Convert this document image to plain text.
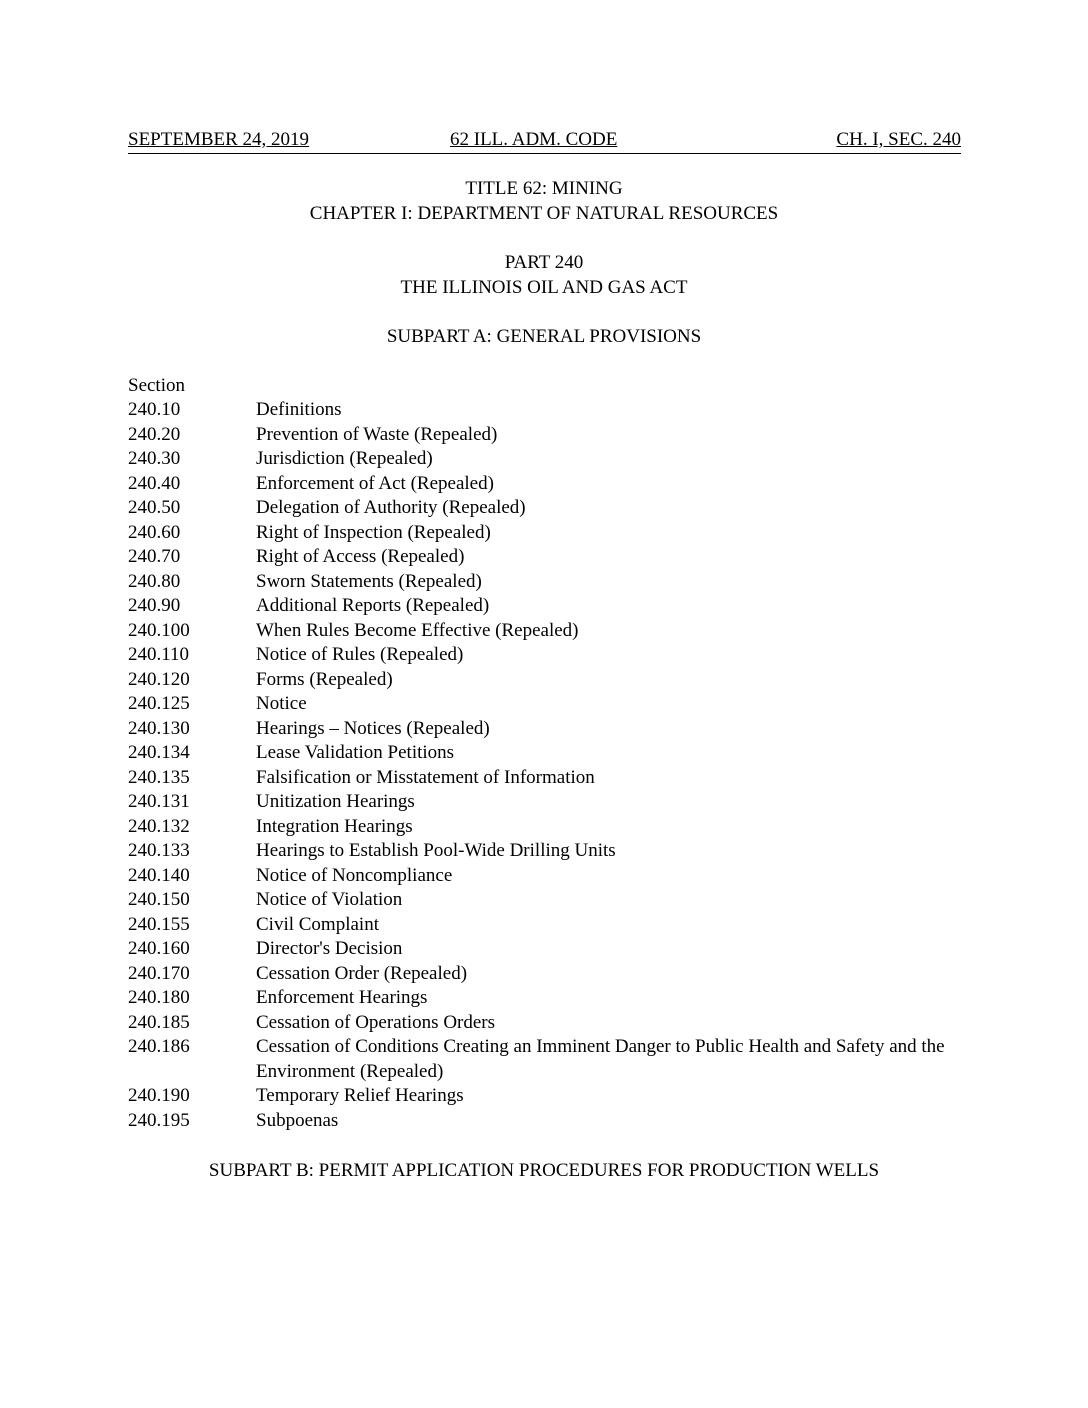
SEPTEMBER 24, 2019	62 ILL. ADM. CODE	CH. I, SEC. 240
TITLE 62: MINING
CHAPTER I: DEPARTMENT OF NATURAL RESOURCES
PART 240
THE ILLINOIS OIL AND GAS ACT
SUBPART A: GENERAL PROVISIONS
Section
240.10	Definitions
240.20	Prevention of Waste (Repealed)
240.30	Jurisdiction (Repealed)
240.40	Enforcement of Act (Repealed)
240.50	Delegation of Authority (Repealed)
240.60	Right of Inspection (Repealed)
240.70	Right of Access (Repealed)
240.80	Sworn Statements (Repealed)
240.90	Additional Reports (Repealed)
240.100	When Rules Become Effective (Repealed)
240.110	Notice of Rules (Repealed)
240.120	Forms (Repealed)
240.125	Notice
240.130	Hearings – Notices (Repealed)
240.134	Lease Validation Petitions
240.135	Falsification or Misstatement of Information
240.131	Unitization Hearings
240.132	Integration Hearings
240.133	Hearings to Establish Pool-Wide Drilling Units
240.140	Notice of Noncompliance
240.150	Notice of Violation
240.155	Civil Complaint
240.160	Director's Decision
240.170	Cessation Order (Repealed)
240.180	Enforcement Hearings
240.185	Cessation of Operations Orders
240.186	Cessation of Conditions Creating an Imminent Danger to Public Health and Safety and the Environment (Repealed)
240.190	Temporary Relief Hearings
240.195	Subpoenas
SUBPART B: PERMIT APPLICATION PROCEDURES FOR PRODUCTION WELLS
